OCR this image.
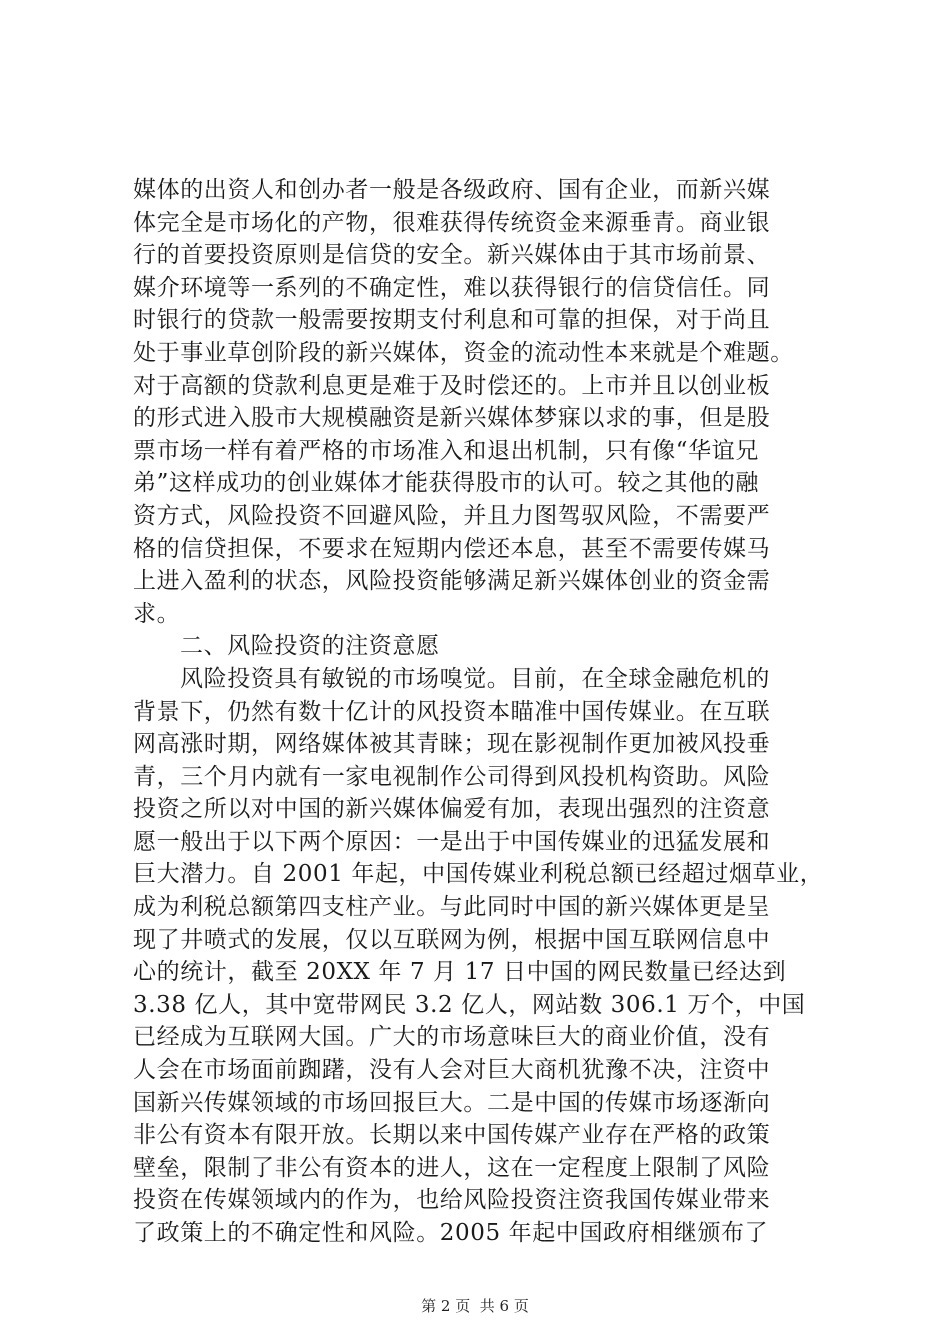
媒体的出资人和创办者一般是各级政府、国有企业，而新兴媒
体完全是市场化的产物，很难获得传统资金来源垂青。商业银
行的首要投资原则是信贷的安全。新兴媒体由于其市场前景、
媒介环境等一系列的不确定性，难以获得银行的信贷信任。同
时银行的贷款一般需要按期支付利息和可靠的担保，对于尚且
处于事业草创阶段的新兴媒体，资金的流动性本来就是个难题。
对于高额的贷款利息更是难于及时偿还的。上市并且以创业板
的形式进入股市大规模融资是新兴媒体梦寐以求的事，但是股
票市场一样有着严格的市场准入和退出机制，只有像“华谊兄
弟”这样成功的创业媒体才能获得股市的认可。较之其他的融
资方式，风险投资不回避风险，并且力图驾驭风险，不需要严
格的信贷担保，不要求在短期内偿还本息，甚至不需要传媒马
上进入盈利的状态，风险投资能够满足新兴媒体创业的资金需
求。
二、风险投资的注资意愿
风险投资具有敏锐的市场嗅觉。目前，在全球金融危机的
背景下，仍然有数十亿计的风投资本瞄准中国传媒业。在互联
网高涨时期，网络媒体被其青睐；现在影视制作更加被风投垂
青，三个月内就有一家电视制作公司得到风投机构资助。风险
投资之所以对中国的新兴媒体偏爱有加，表现出强烈的注资意
愿一般出于以下两个原因：一是出于中国传媒业的迅猛发展和
巨大潜力。自 2001 年起，中国传媒业利税总额已经超过烟草业，
成为利税总额第四支柱产业。与此同时中国的新兴媒体更是呈
现了井喷式的发展，仅以互联网为例，根据中国互联网信息中
心的统计，截至 20XX 年 7 月 17 日中国的网民数量已经达到
3.38 亿人，其中宽带网民 3.2 亿人，网站数 306.1 万个，中国
已经成为互联网大国。广大的市场意味巨大的商业价值，没有
人会在市场面前踟躇，没有人会对巨大商机犹豫不决，注资中
国新兴传媒领域的市场回报巨大。二是中国的传媒市场逐渐向
非公有资本有限开放。长期以来中国传媒产业存在严格的政策
壁垒，限制了非公有资本的进人，这在一定程度上限制了风险
投资在传媒领域内的作为，也给风险投资注资我国传媒业带来
了政策上的不确定性和风险。2005 年起中国政府相继颁布了
第 2 页  共 6 页
